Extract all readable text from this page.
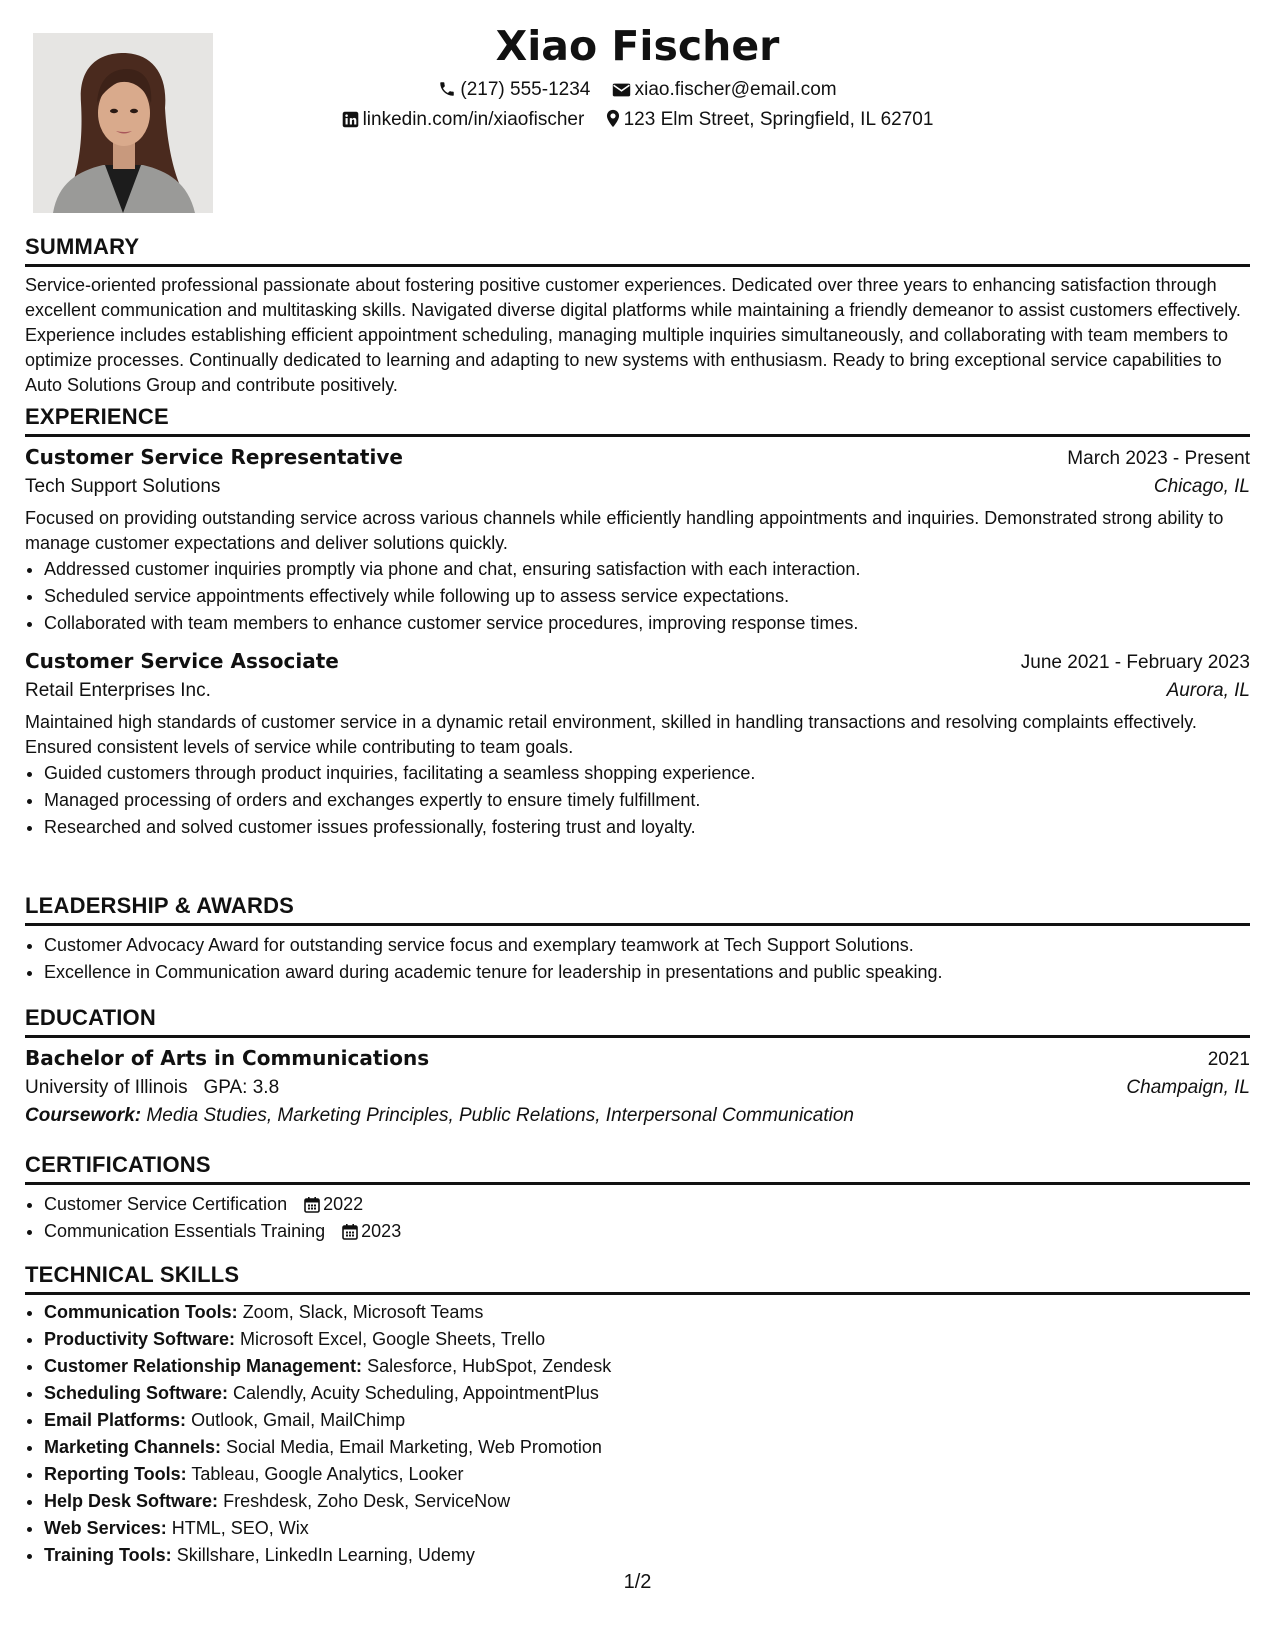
Xiao Fischer
(217) 555-1234 xiao.fischer@email.com
linkedin.com/in/xiaofischer 123 Elm Street, Springfield, IL 62701
SUMMARY
Service-oriented professional passionate about fostering positive customer experiences. Dedicated over three years to enhancing satisfaction through excellent communication and multitasking skills. Navigated diverse digital platforms while maintaining a friendly demeanor to assist customers effectively. Experience includes establishing efficient appointment scheduling, managing multiple inquiries simultaneously, and collaborating with team members to optimize processes. Continually dedicated to learning and adapting to new systems with enthusiasm. Ready to bring exceptional service capabilities to Auto Solutions Group and contribute positively.
EXPERIENCE
Customer Service Representative	March 2023 - Present
Tech Support Solutions	Chicago, IL
Focused on providing outstanding service across various channels while efficiently handling appointments and inquiries. Demonstrated strong ability to manage customer expectations and deliver solutions quickly.
• Addressed customer inquiries promptly via phone and chat, ensuring satisfaction with each interaction.
• Scheduled service appointments effectively while following up to assess service expectations.
• Collaborated with team members to enhance customer service procedures, improving response times.
Customer Service Associate	June 2021 - February 2023
Retail Enterprises Inc.	Aurora, IL
Maintained high standards of customer service in a dynamic retail environment, skilled in handling transactions and resolving complaints effectively. Ensured consistent levels of service while contributing to team goals.
• Guided customers through product inquiries, facilitating a seamless shopping experience.
• Managed processing of orders and exchanges expertly to ensure timely fulfillment.
• Researched and solved customer issues professionally, fostering trust and loyalty.
LEADERSHIP & AWARDS
• Customer Advocacy Award for outstanding service focus and exemplary teamwork at Tech Support Solutions.
• Excellence in Communication award during academic tenure for leadership in presentations and public speaking.
EDUCATION
Bachelor of Arts in Communications	2021
University of Illinois GPA: 3.8	Champaign, IL
Coursework: Media Studies, Marketing Principles, Public Relations, Interpersonal Communication
CERTIFICATIONS
• Customer Service Certification 2022
• Communication Essentials Training 2023
TECHNICAL SKILLS
• Communication Tools: Zoom, Slack, Microsoft Teams
• Productivity Software: Microsoft Excel, Google Sheets, Trello
• Customer Relationship Management: Salesforce, HubSpot, Zendesk
• Scheduling Software: Calendly, Acuity Scheduling, AppointmentPlus
• Email Platforms: Outlook, Gmail, MailChimp
• Marketing Channels: Social Media, Email Marketing, Web Promotion
• Reporting Tools: Tableau, Google Analytics, Looker
• Help Desk Software: Freshdesk, Zoho Desk, ServiceNow
• Web Services: HTML, SEO, Wix
• Training Tools: Skillshare, LinkedIn Learning, Udemy
1/2
